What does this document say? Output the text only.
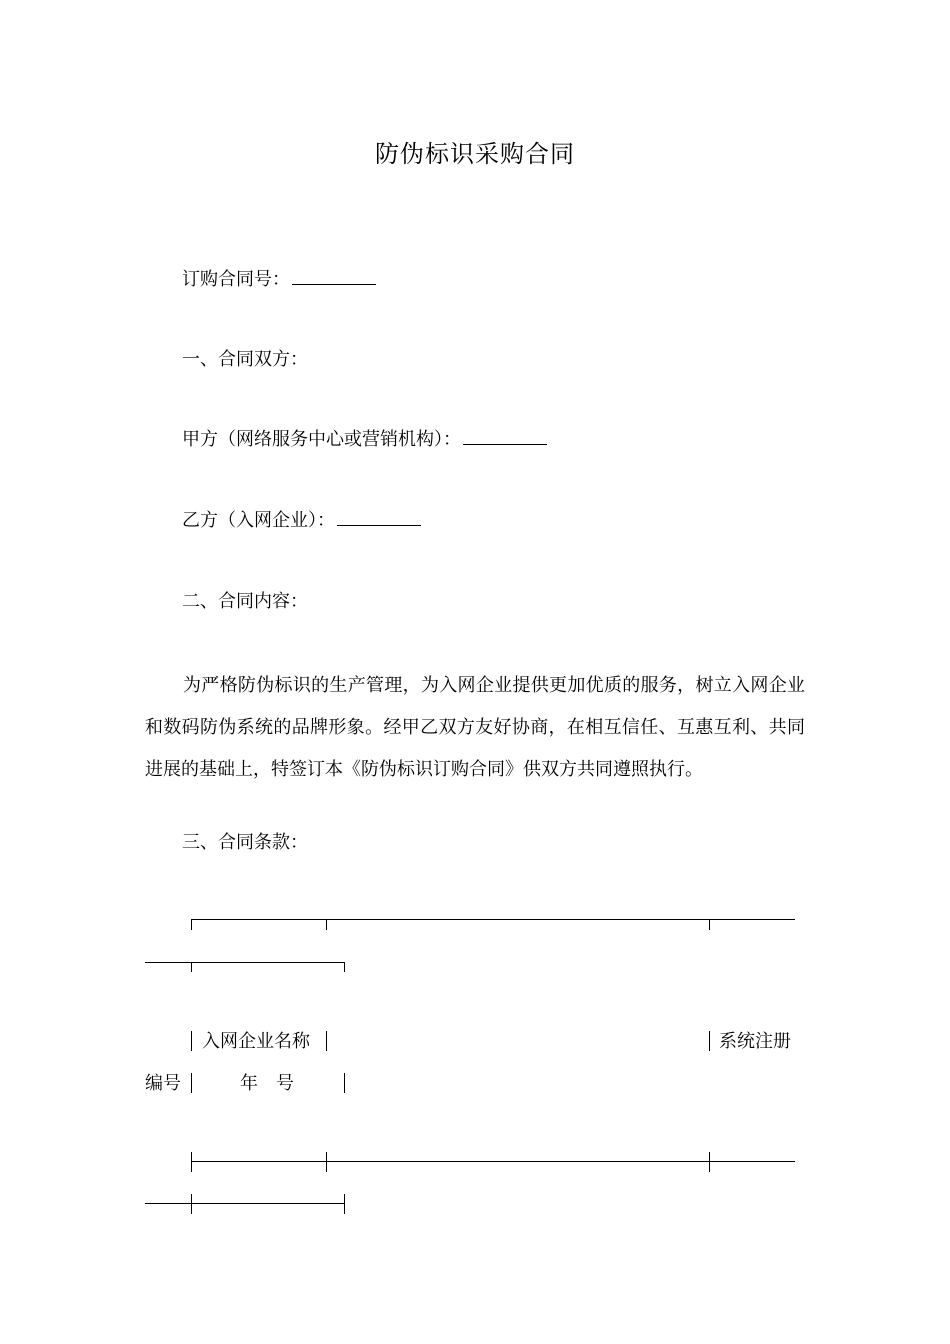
防伪标识采购合同
订购合同号：
一、合同双方：
甲方（网络服务中心或营销机构）：
乙方（入网企业）：
二、合同内容：
为严格防伪标识的生产管理，为入网企业提供更加优质的服务，树立入网企业和数码防伪系统的品牌形象。经甲乙双方友好协商，在相互信任、互惠互利、共同进展的基础上，特签订本《防伪标识订购合同》供双方共同遵照执行。
三、合同条款：
入网企业名称	系统注册
编号	年　号
